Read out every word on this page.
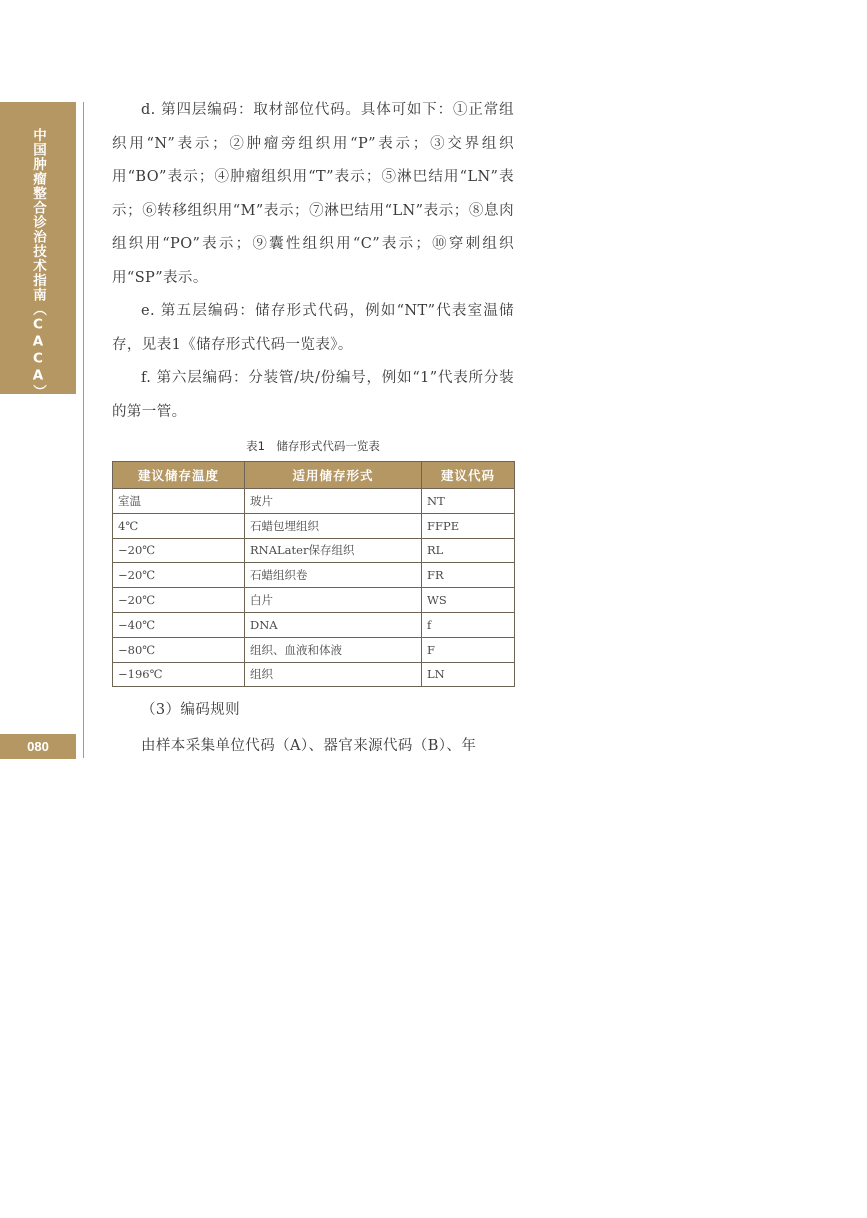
中国肿瘤整合诊治技术指南（CACA）
080

d. 第四层编码：取材部位代码。具体可如下：①正常组织用“N”表示；②肿瘤旁组织用“P”表示；③交界组织用“BO”表示；④肿瘤组织用“T”表示；⑤淋巴结用“LN”表示；⑥转移组织用“M”表示；⑦淋巴结用“LN”表示；⑧息肉组织用“PO”表示；⑨囊性组织用“C”表示；⑩穿刺组织用“SP”表示。

e. 第五层编码：储存形式代码，例如“NT”代表室温储存，见表1《储存形式代码一览表》。

f. 第六层编码：分装管/块/份编号，例如“1”代表所分装的第一管。

表1　储存形式代码一览表
建议储存温度	适用储存形式	建议代码
室温	玻片	NT
4℃	石蜡包埋组织	FFPE
−20℃	RNALater保存组织	RL
−20℃	石蜡组织卷	FR
−20℃	白片	WS
−40℃	DNA	f
−80℃	组织、血液和体液	F
−196℃	组织	LN

（3）编码规则

由样本采集单位代码（A）、器官来源代码（B）、年
